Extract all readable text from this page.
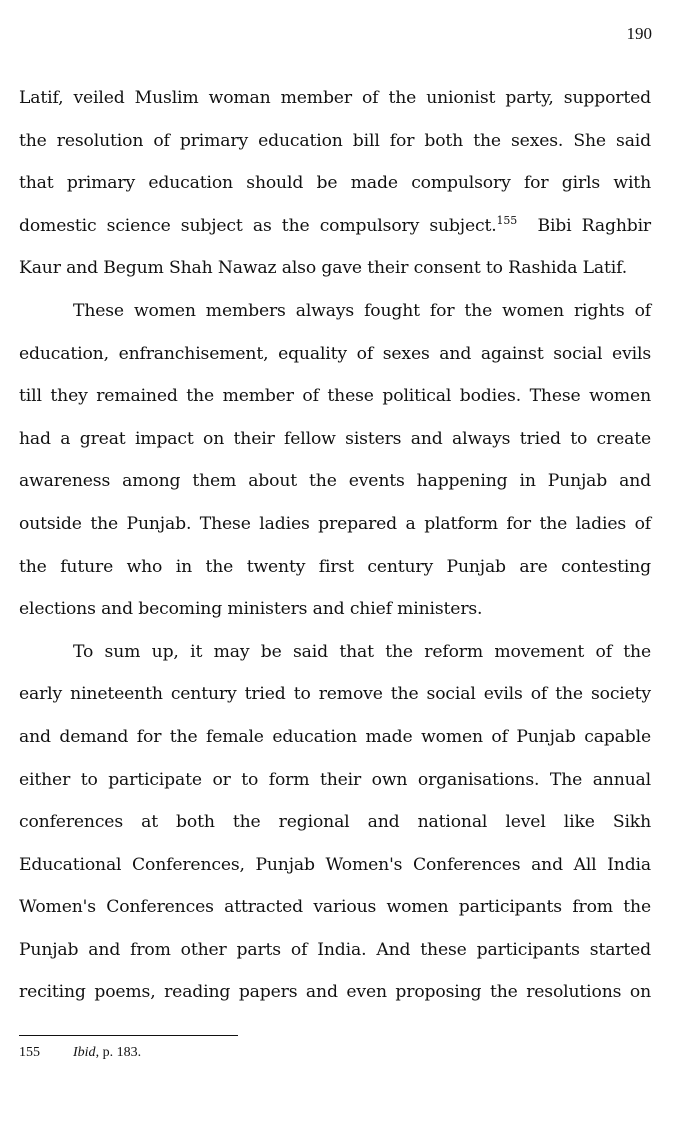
190
Latif, veiled Muslim woman member of the unionist party, supported
the resolution of primary education bill for both the sexes. She said
that primary education should be made compulsory for girls with
domestic science subject as the compulsory subject.$^{155}$  Bibi Raghbir
Kaur and Begum Shah Nawaz also gave their consent to Rashida Latif.
These women members always fought for the women rights of
education, enfranchisement, equality of sexes and against social evils
till they remained the member of these political bodies. These women
had a great impact on their fellow sisters and always tried to create
awareness among them about the events happening in Punjab and
outside the Punjab. These ladies prepared a platform for the ladies of
the future who in the twenty first century Punjab are contesting
elections and becoming ministers and chief ministers.
To sum up, it may be said that the reform movement of the
early nineteenth century tried to remove the social evils of the society
and demand for the female education made women of Punjab capable
either to participate or to form their own organisations. The annual
conferences at both the regional and national level like Sikh
Educational Conferences, Punjab Women's Conferences and All India
Women's Conferences attracted various women participants from the
Punjab and from other parts of India. And these participants started
reciting poems, reading papers and even proposing the resolutions on
155 Ibid, p. 183.
